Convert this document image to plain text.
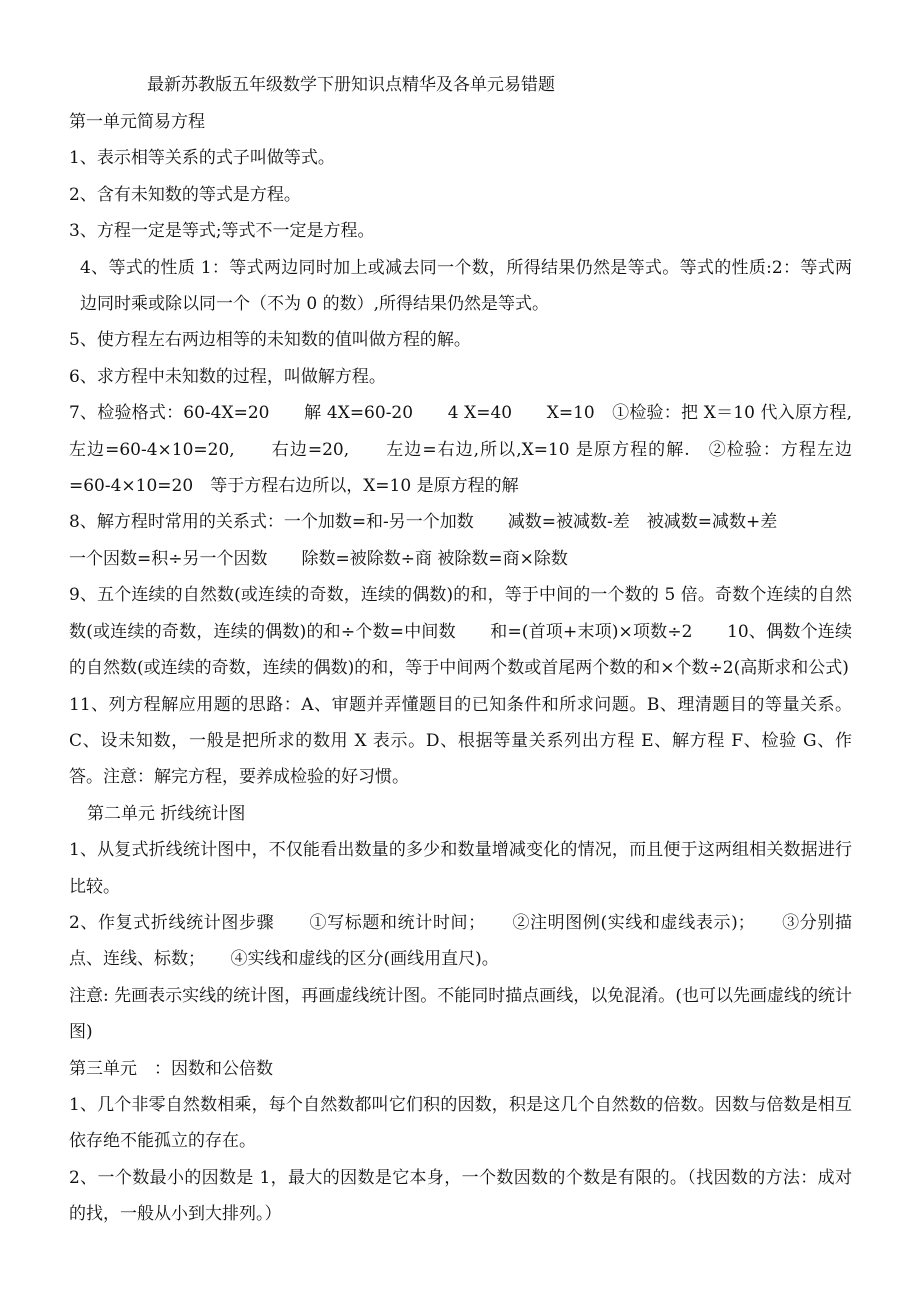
最新苏教版五年级数学下册知识点精华及各单元易错题
第一单元简易方程

1、表示相等关系的式子叫做等式。

2、含有未知数的等式是方程。

3、方程一定是等式;等式不一定是方程。

4、等式的性质 1：等式两边同时加上或减去同一个数，所得结果仍然是等式。等式的性质:2：等式两边同时乘或除以同一个（不为 0 的数）,所得结果仍然是等式。

5、使方程左右两边相等的未知数的值叫做方程的解。

6、求方程中未知数的过程，叫做解方程。

7、检验格式：60-4X=20　　解 4X=60-20　　4 X=40　　X=10　①检验：把 X＝10 代入原方程, 左边=60-4×10=20,　　右边=20,　　左边=右边,所以,X=10 是原方程的解.　②检验：方程左边=60-4×10=20　等于方程右边所以，X=10 是原方程的解

8、解方程时常用的关系式：一个加数=和-另一个加数　　减数=被减数-差　被减数=减数+差

一个因数=积÷另一个因数　　除数=被除数÷商 被除数=商×除数

9、五个连续的自然数(或连续的奇数，连续的偶数)的和，等于中间的一个数的 5 倍。奇数个连续的自然数(或连续的奇数，连续的偶数)的和÷个数=中间数　　和=(首项+末项)×项数÷2　　10、偶数个连续的自然数(或连续的奇数，连续的偶数)的和，等于中间两个数或首尾两个数的和×个数÷2(高斯求和公式)

11、列方程解应用题的思路：A、审题并弄懂题目的已知条件和所求问题。B、理清题目的等量关系。C、设未知数，一般是把所求的数用 X 表示。D、根据等量关系列出方程 E、解方程 F、检验 G、作答。注意：解完方程，要养成检验的好习惯。

第二单元 折线统计图

1、从复式折线统计图中，不仅能看出数量的多少和数量增减变化的情况，而且便于这两组相关数据进行比较。

2、作复式折线统计图步骤　　①写标题和统计时间；　　②注明图例(实线和虚线表示)；　　③分别描点、连线、标数；　　④实线和虚线的区分(画线用直尺)。

注意: 先画表示实线的统计图，再画虚线统计图。不能同时描点画线，以免混淆。(也可以先画虚线的统计图)

第三单元　：因数和公倍数

1、几个非零自然数相乘，每个自然数都叫它们积的因数，积是这几个自然数的倍数。因数与倍数是相互依存绝不能孤立的存在。

2、一个数最小的因数是 1，最大的因数是它本身，一个数因数的个数是有限的。（找因数的方法：成对的找，一般从小到大排列。）
